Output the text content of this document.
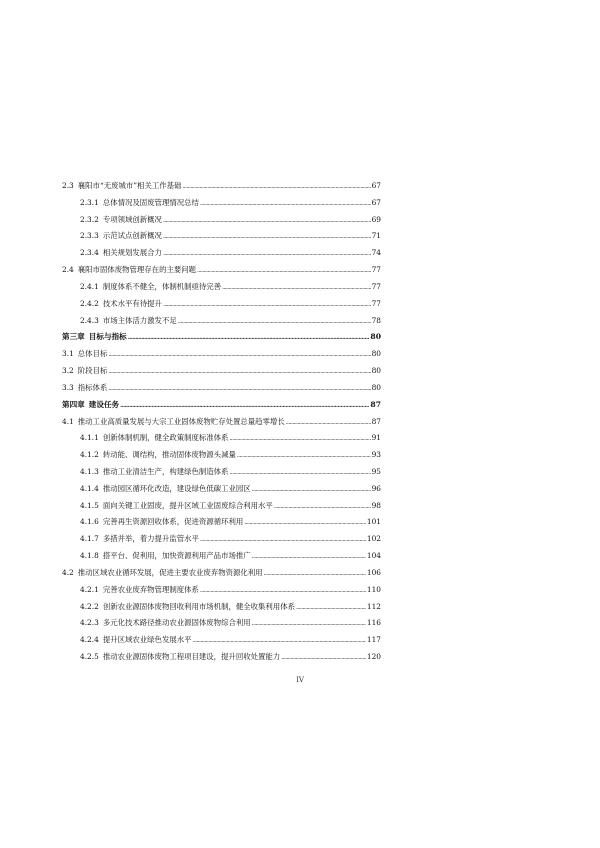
2.3 襄阳市“无废城市”相关工作基础 .....	67
2.3.1 总体情况及固废管理情况总结 .....	67
2.3.2 专项领域创新概况 .....	69
2.3.3 示范试点创新概况 .....	71
2.3.4 相关规划发展合力 .....	74
2.4 襄阳市固体废物管理存在的主要问题 .....	77
2.4.1 制度体系不健全，体制机制亟待完善 .....	77
2.4.2 技术水平有待提升 .....	77
2.4.3 市场主体活力激发不足 .....	78
第三章 目标与指标 .....	80
3.1 总体目标 .....	80
3.2 阶段目标 .....	80
3.3 指标体系 .....	80
第四章 建设任务 .....	87
4.1 推动工业高质量发展与大宗工业固体废物贮存处置总量趋零增长 .....	87
4.1.1 创新体制机制，健全政策制度标准体系 .....	91
4.1.2 转动能、调结构，推动固体废物源头减量 .....	93
4.1.3 推动工业清洁生产，构建绿色制造体系 .....	95
4.1.4 推动园区循环化改造，建设绿色低碳工业园区 .....	96
4.1.5 面向关键工业固废，提升区域工业固废综合利用水平 .....	98
4.1.6 完善再生资源回收体系，促进资源循环利用 .....	101
4.1.7 多措并举，着力提升监管水平 .....	102
4.1.8 搭平台、促利用，加快资源利用产品市场推广 .....	104
4.2 推动区域农业循环发展，促进主要农业废弃物资源化利用 .....	106
4.2.1 完善农业废弃物管理制度体系 .....	110
4.2.2 创新农业源固体废物回收利用市场机制，健全收集利用体系 .....	112
4.2.3 多元化技术路径推动农业源固体废物综合利用 .....	116
4.2.4 提升区域农业绿色发展水平 .....	117
4.2.5 推动农业源固体废物工程项目建设，提升回收处置能力 .....	120
IV
